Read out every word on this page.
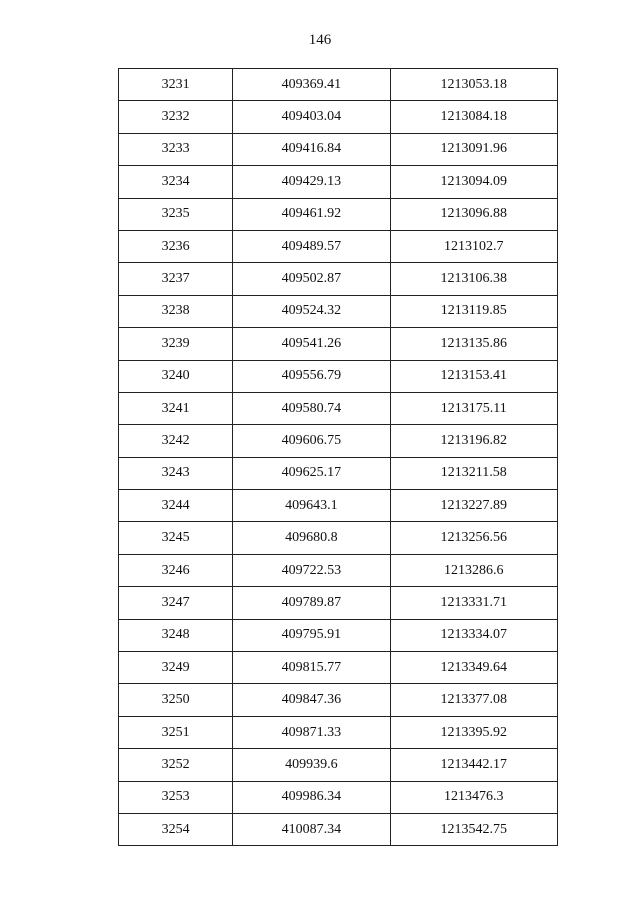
146
3231	409369.41	1213053.18
3232	409403.04	1213084.18
3233	409416.84	1213091.96
3234	409429.13	1213094.09
3235	409461.92	1213096.88
3236	409489.57	1213102.7
3237	409502.87	1213106.38
3238	409524.32	1213119.85
3239	409541.26	1213135.86
3240	409556.79	1213153.41
3241	409580.74	1213175.11
3242	409606.75	1213196.82
3243	409625.17	1213211.58
3244	409643.1	1213227.89
3245	409680.8	1213256.56
3246	409722.53	1213286.6
3247	409789.87	1213331.71
3248	409795.91	1213334.07
3249	409815.77	1213349.64
3250	409847.36	1213377.08
3251	409871.33	1213395.92
3252	409939.6	1213442.17
3253	409986.34	1213476.3
3254	410087.34	1213542.75
